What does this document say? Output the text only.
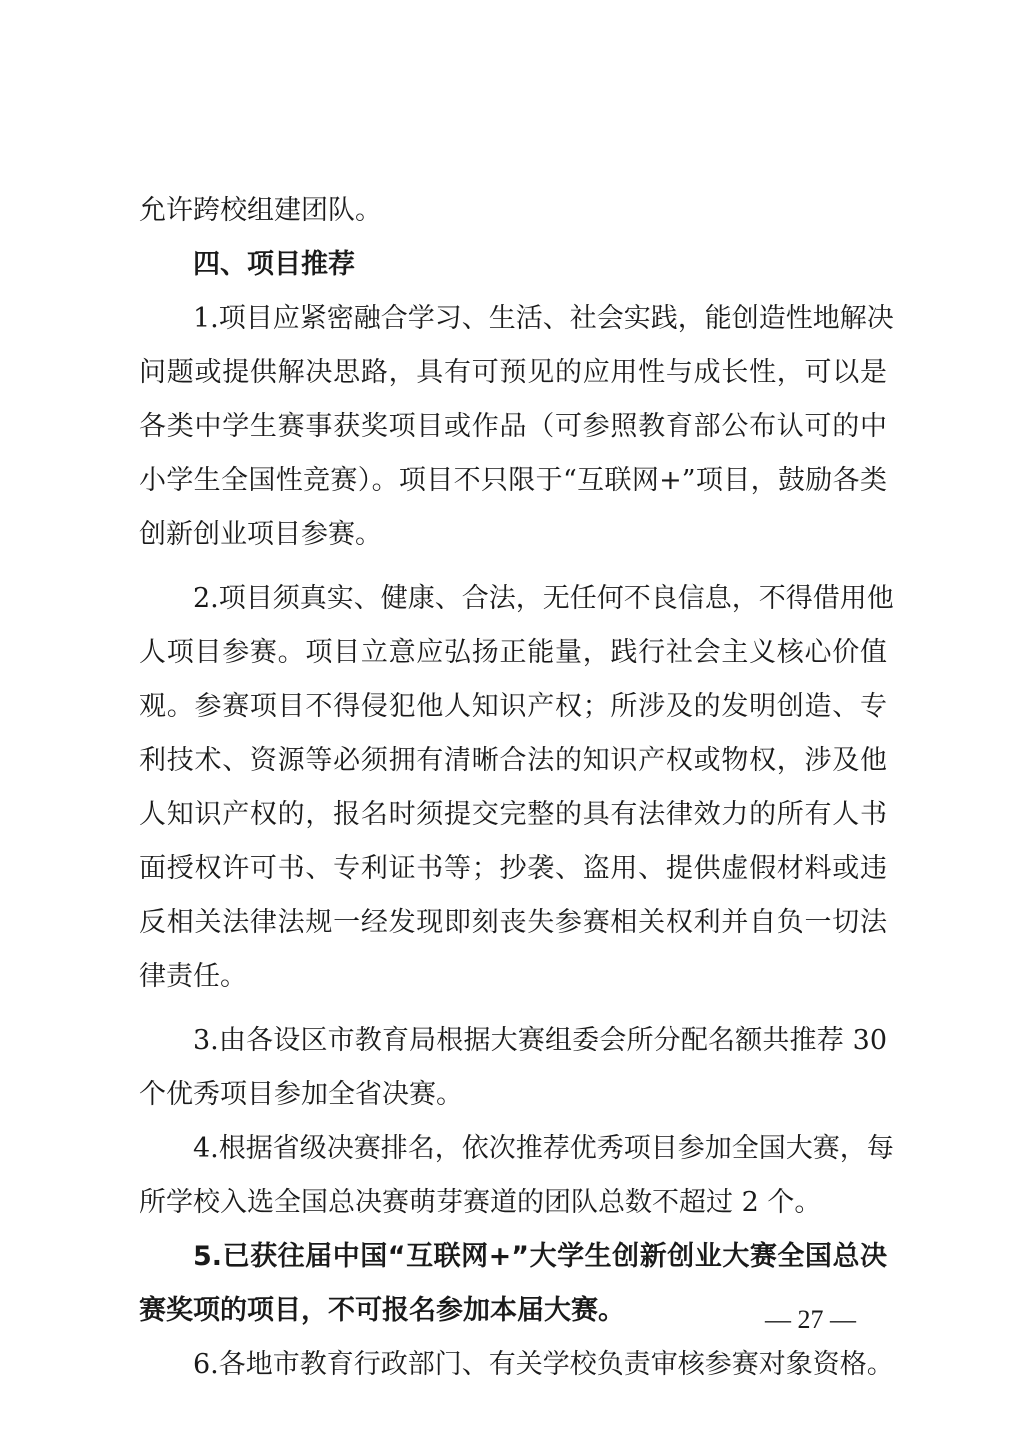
允许跨校组建团队。
四、项目推荐
1.项目应紧密融合学习、生活、社会实践，能创造性地解决
问题或提供解决思路，具有可预见的应用性与成长性，可以是
各类中学生赛事获奖项目或作品（可参照教育部公布认可的中
小学生全国性竞赛）。项目不只限于“互联网+”项目，鼓励各类
创新创业项目参赛。
2.项目须真实、健康、合法，无任何不良信息，不得借用他
人项目参赛。项目立意应弘扬正能量，践行社会主义核心价值
观。参赛项目不得侵犯他人知识产权；所涉及的发明创造、专
利技术、资源等必须拥有清晰合法的知识产权或物权，涉及他
人知识产权的，报名时须提交完整的具有法律效力的所有人书
面授权许可书、专利证书等；抄袭、盗用、提供虚假材料或违
反相关法律法规一经发现即刻丧失参赛相关权利并自负一切法
律责任。
3.由各设区市教育局根据大赛组委会所分配名额共推荐 30
个优秀项目参加全省决赛。
4.根据省级决赛排名，依次推荐优秀项目参加全国大赛，每
所学校入选全国总决赛萌芽赛道的团队总数不超过 2 个。
5.已获往届中国“互联网+”大学生创新创业大赛全国总决
赛奖项的项目，不可报名参加本届大赛。
6.各地市教育行政部门、有关学校负责审核参赛对象资格。
— 27 —
